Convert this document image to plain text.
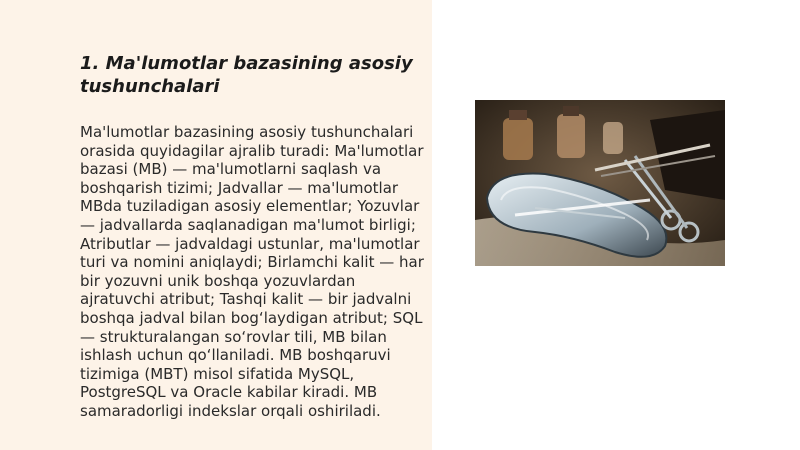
1. Ma'lumotlar bazasining asosiy tushunchalari

Ma'lumotlar bazasining asosiy tushunchalari orasida quyidagilar ajralib turadi: Ma'lumotlar bazasi (MB) — ma'lumotlarni saqlash va boshqarish tizimi; Jadvallar — ma'lumotlar MBda tuziladigan asosiy elementlar; Yozuvlar — jadvallarda saqlanadigan ma'lumot birligi; Atributlar — jadvaldagi ustunlar, ma'lumotlar turi va nomini aniqlaydi; Birlamchi kalit — har bir yozuvni unik boshqa yozuvlardan ajratuvchi atribut; Tashqi kalit — bir jadvalni boshqa jadval bilan bog‘laydigan atribut; SQL — strukturalangan so‘rovlar tili, MB bilan ishlash uchun qo‘llaniladi. MB boshqaruvi tizimiga (MBT) misol sifatida MySQL, PostgreSQL va Oracle kabilar kiradi. MB samaradorligi indekslar orqali oshiriladi.
